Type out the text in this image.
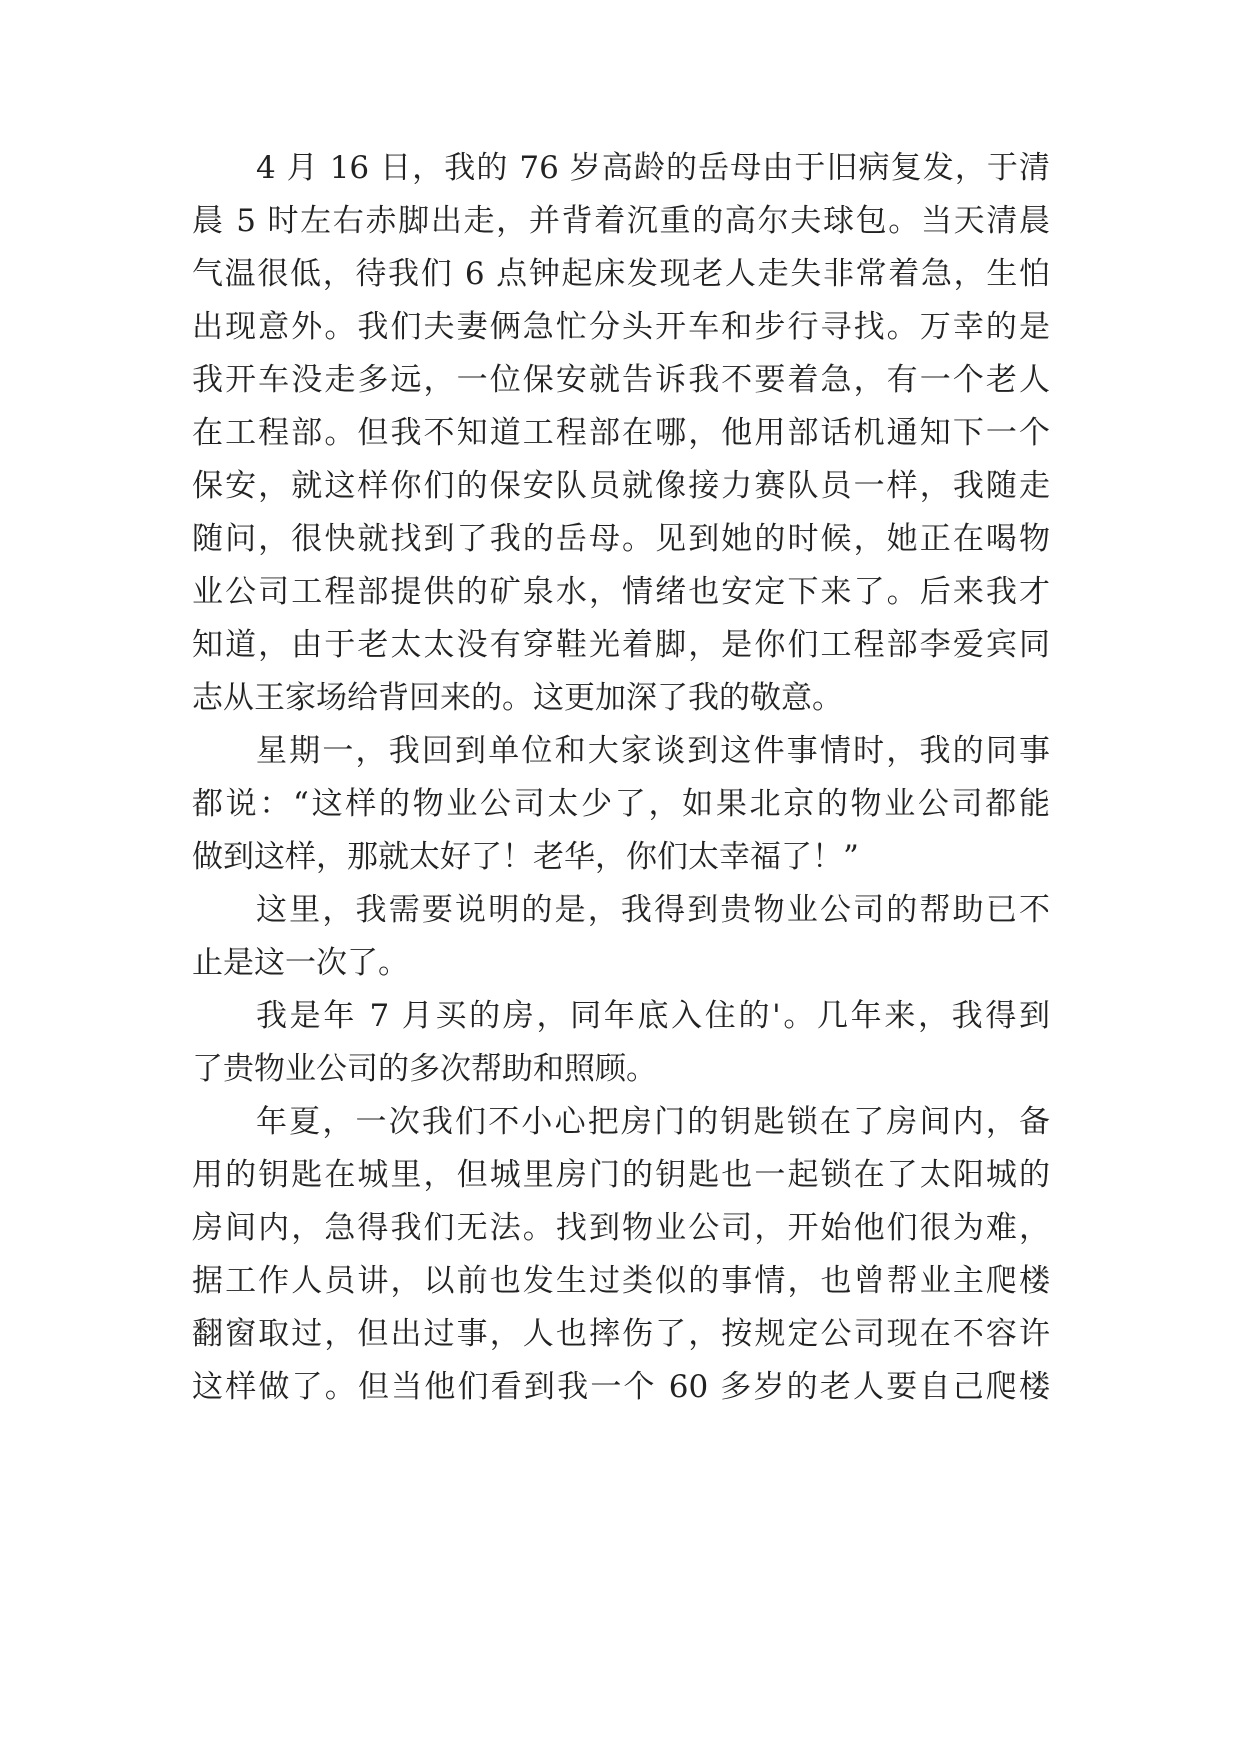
4 月 16 日，我的 76 岁高龄的岳母由于旧病复发，于清
晨 5 时左右赤脚出走，并背着沉重的高尔夫球包。当天清晨
气温很低，待我们 6 点钟起床发现老人走失非常着急，生怕
出现意外。我们夫妻俩急忙分头开车和步行寻找。万幸的是
我开车没走多远，一位保安就告诉我不要着急，有一个老人
在工程部。但我不知道工程部在哪，他用部话机通知下一个
保安，就这样你们的保安队员就像接力赛队员一样，我随走
随问，很快就找到了我的岳母。见到她的时候，她正在喝物
业公司工程部提供的矿泉水，情绪也安定下来了。后来我才
知道，由于老太太没有穿鞋光着脚，是你们工程部李爱宾同
志从王家场给背回来的。这更加深了我的敬意。
星期一，我回到单位和大家谈到这件事情时，我的同事
都说：“这样的物业公司太少了，如果北京的物业公司都能
做到这样，那就太好了！老华，你们太幸福了！”
这里，我需要说明的是，我得到贵物业公司的帮助已不
止是这一次了。
我是年 7 月买的房，同年底入住的'。几年来，我得到
了贵物业公司的多次帮助和照顾。
年夏，一次我们不小心把房门的钥匙锁在了房间内，备
用的钥匙在城里，但城里房门的钥匙也一起锁在了太阳城的
房间内，急得我们无法。找到物业公司，开始他们很为难，
据工作人员讲，以前也发生过类似的事情，也曾帮业主爬楼
翻窗取过，但出过事，人也摔伤了，按规定公司现在不容许
这样做了。但当他们看到我一个 60 多岁的老人要自己爬楼
